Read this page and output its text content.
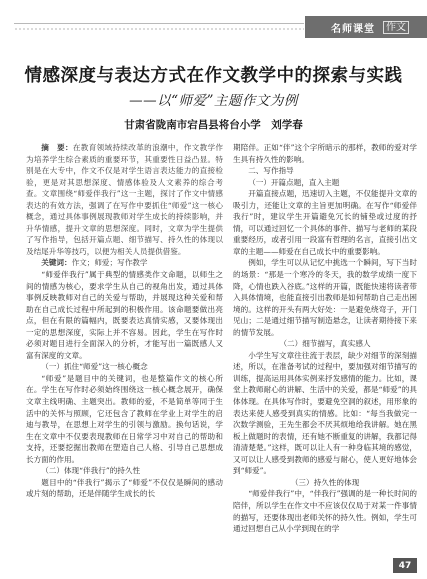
名师课堂	作文
情感深度与表达方式在作文教学中的探索与实践
——以“师爱”主题作文为例
甘肃省陇南市宕昌县将台小学　刘学春

摘　要：在教育领域持续改革的浪潮中，作文教学作为培养学生综合素质的重要环节，其重要性日益凸显。特别是在大专中，作文不仅是对学生语言表达能力的直接检验，更是对其思想深度、情感体验及人文素养的综合考查。文章围绕“师爱伴我行”这一主题，探讨了作文中情感表达的有效方法，强调了在写作中要抓住“师爱”这一核心概念，通过具体事例展现教师对学生成长的持续影响，并升华情感，提升文章的思想深度。同时，文章为学生提供了写作指导，包括开篇点题、细节描写、持久性的体现以及结尾升华等技巧，以便为相关人员提供借鉴。

关键词：作文；师爱；写作教学

“师爱伴我行”属于典型的情感类作文命题，以师生之间的情感为核心，要求学生从自己的视角出发，通过具体事例反映教师对自己的关爱与帮助，并展现这种关爱和帮助在自己成长过程中所起到的积极作用。该命题要做出亮点，但在有限的篇幅内，既要表达真情实感，又要体现出一定的思想深度，实际上并不容易。因此，学生在写作时必须对题目进行全面深入的分析，才能写出一篇既感人又富有深度的文章。

（一）抓住“师爱”这一核心概念

“师爱”是题目中的关键词，也是整篇作文的核心所在。学生在写作时必须始终围绕这一核心概念展开，确保文章主线明确、主题突出。教师的爱，不是简单等同于生活中的关怀与照顾，它还包含了教师在学业上对学生的启迪与教导，在思想上对学生的引领与激励。换句话说，学生在文章中不仅要表现教师在日常学习中对自己的帮助和支持，还要挖掘出教师在塑造自己人格、引导自己思想成长方面的作用。

（二）体现“伴我行”的持久性

题目中的“伴我行”揭示了“师爱”不仅仅是瞬间的感动或片刻的帮助，还是伴随学生成长的长

期陪伴。正如“伴”这个字所暗示的那样，教师的爱对学生具有持久性的影响。

二、写作指导

（一）开篇点题，直入主题

开篇直接点题，迅速切入主题，不仅能提升文章的吸引力，还能让文章的主旨更加明确。在写作“师爱伴我行”时，建议学生开篇避免冗长的铺垫或过度的抒情，可以通过回忆一个具体的事件、描写与老师的某段重要经历，或者引用一段富有哲理的名言，直接引出文章的主题——师爱在自己成长中的重要影响。

例如，学生可以从记忆中挑选一个瞬间，写下当时的场景：“那是一个寒冷的冬天，我的数学成绩一度下降，心情也跌入谷底。”这样的开篇，既能快速将读者带入具体情境，也能直接引出教师是如何帮助自己走出困境的。这样的开头有两大好处：一是避免绕弯子，开门见山；二是通过细节描写制造悬念，让读者期待接下来的情节发展。

（二）细节描写，真实感人

小学生写文章往往流于表层，缺少对细节的深刻描述，所以，在准备考试的过程中，要加强对细节描写的训练，提高运用具体实例来抒发感情的能力。比如，课堂上教师耐心的讲解、生活中的关爱，都是“师爱”的具体体现。在具体写作时，要避免空洞的叙述，用形象的表达来使人感受到真实的情感。比如：“每当我做完一次数学测验，王先生都会不厌其烦地给我讲解。她在黑板上做题时的表情，还有她不断重复的讲解，我都记得清清楚楚。”这样，既可以让人有一种身临其境的感觉，又可以让人感受到教师的感爱与耐心，使人更好地体会到“师爱”。

（三）持久性的体现

“师爱伴我行”中，“伴我行”强调的是一种长时间的陪伴，所以学生在作文中不应该仅仅局于对某一件事情的描写，还要体现出老师关怀的持久性。例如，学生可通过回想自己从小学到现在的学

47
